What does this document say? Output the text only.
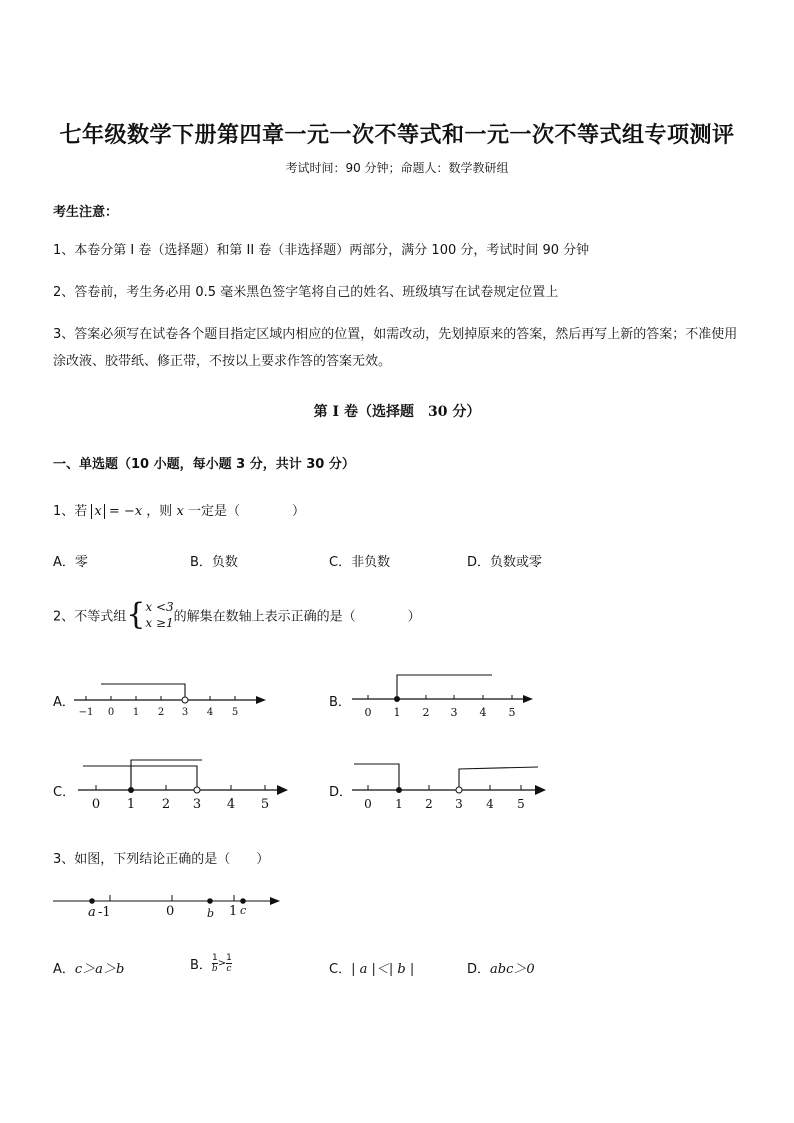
七年级数学下册第四章一元一次不等式和一元一次不等式组专项测评
考试时间：90 分钟；命题人：数学教研组
考生注意：
1、本卷分第 I 卷（选择题）和第 II 卷（非选择题）两部分，满分 100 分，考试时间 90 分钟
2、答卷前，考生务必用 0.5 毫米黑色签字笔将自己的姓名、班级填写在试卷规定位置上
3、答案必须写在试卷各个题目指定区域内相应的位置，如需改动，先划掉原来的答案，然后再写上新的答案；不准使用涂改液、胶带纸、修正带，不按以上要求作答的答案无效。
第 I 卷（选择题　30 分）
一、单选题（10 小题，每小题 3 分，共计 30 分）
1、若 x = −x ，则 x 一定是（　　　　）
A．零	B．负数	C．非负数	D．负数或零
2、不等式组{ x <3
x ≥1 的解集在数轴上表示正确的是（　　　　）
A．
−1 0 1 2 3 4 5
B．
0 1 2 3 4 5
C．
0 1 2 3 4 5
D．
0 1 2 3 4 5
3、如图，下列结论正确的是（　　）
a -1	0	b 1 c
A．c＞a＞b	B． $\frac{1}{b} > \frac{1}{c}$	C．| a |＜| b |	D．abc＞0
